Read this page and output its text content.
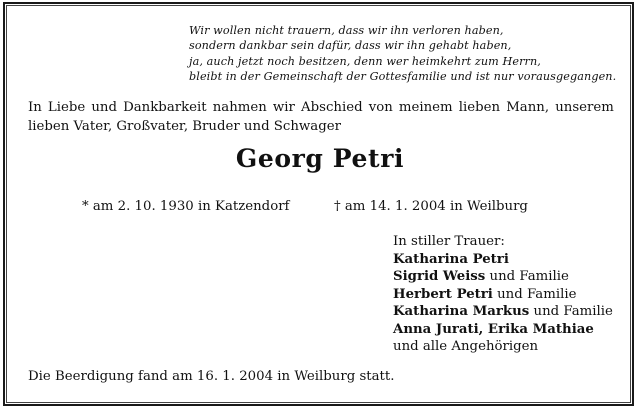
Wir wollen nicht trauern, dass wir ihn verloren haben,
sondern dankbar sein dafür, dass wir ihn gehabt haben,
ja, auch jetzt noch besitzen, denn wer heimkehrt zum Herrn,
bleibt in der Gemeinschaft der Gottesfamilie und ist nur vorausgegangen.
In Liebe und Dankbarkeit nahmen wir Abschied von meinem lieben Mann, unserem
lieben Vater, Großvater, Bruder und Schwager
Georg Petri
* am 2. 10. 1930 in Katzendorf	† am 14. 1. 2004 in Weilburg
In stiller Trauer:
Katharina Petri
Sigrid Weiss und Familie
Herbert Petri und Familie
Katharina Markus und Familie
Anna Jurati, Erika Mathiae
und alle Angehörigen
Die Beerdigung fand am 16. 1. 2004 in Weilburg statt.
